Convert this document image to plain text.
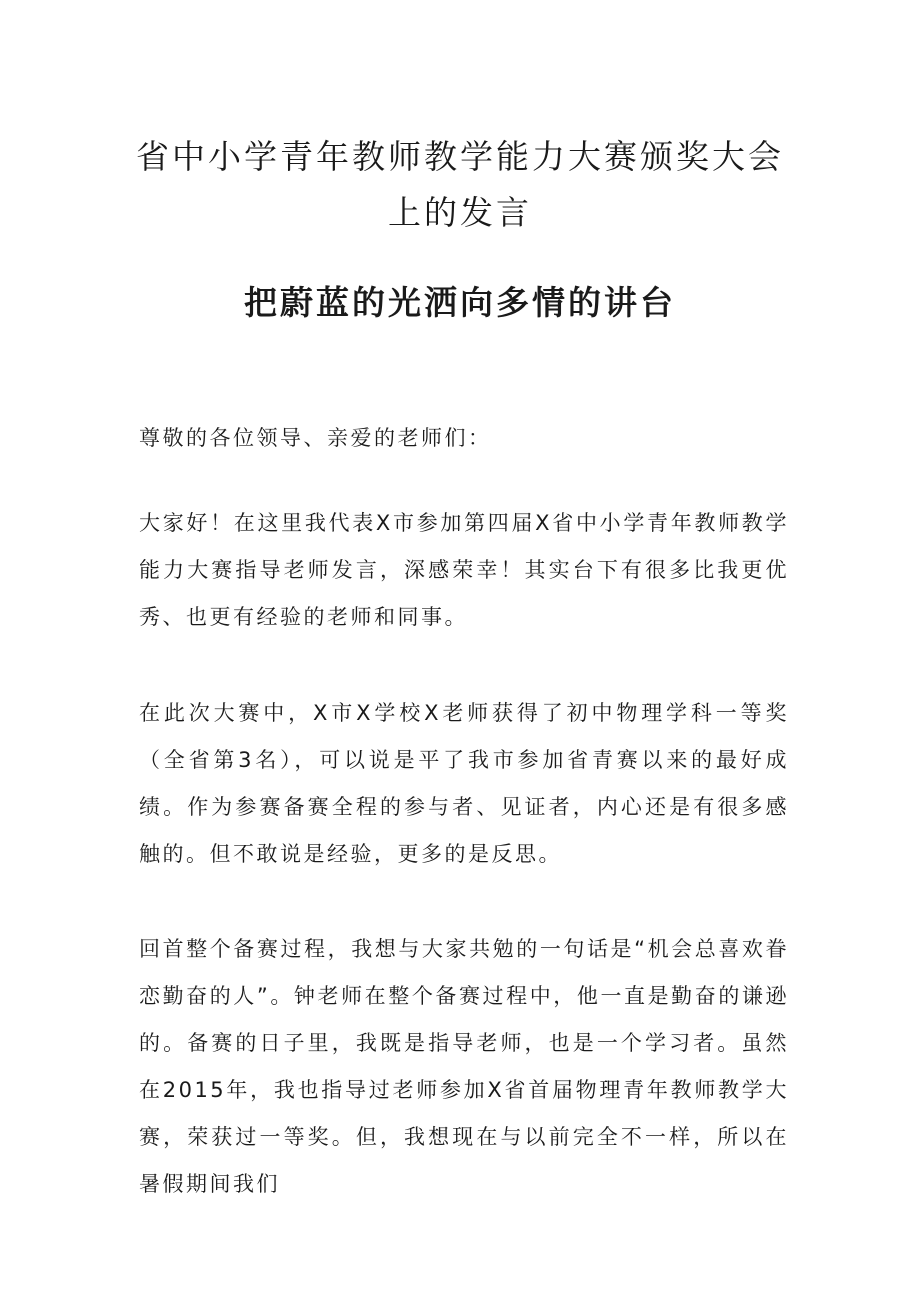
省中小学青年教师教学能力大赛颁奖大会
上的发言
把蔚蓝的光洒向多情的讲台

尊敬的各位领导、亲爱的老师们：

大家好！在这里我代表X市参加第四届X省中小学青年教师教学能力大赛指导老师发言，深感荣幸！其实台下有很多比我更优秀、也更有经验的老师和同事。

在此次大赛中，X市X学校X老师获得了初中物理学科一等奖（全省第3名），可以说是平了我市参加省青赛以来的最好成绩。作为参赛备赛全程的参与者、见证者，内心还是有很多感触的。但不敢说是经验，更多的是反思。

回首整个备赛过程，我想与大家共勉的一句话是“机会总喜欢眷恋勤奋的人”。钟老师在整个备赛过程中，他一直是勤奋的谦逊的。备赛的日子里，我既是指导老师，也是一个学习者。虽然在2015年，我也指导过老师参加X省首届物理青年教师教学大赛，荣获过一等奖。但，我想现在与以前完全不一样，所以在暑假期间我们
